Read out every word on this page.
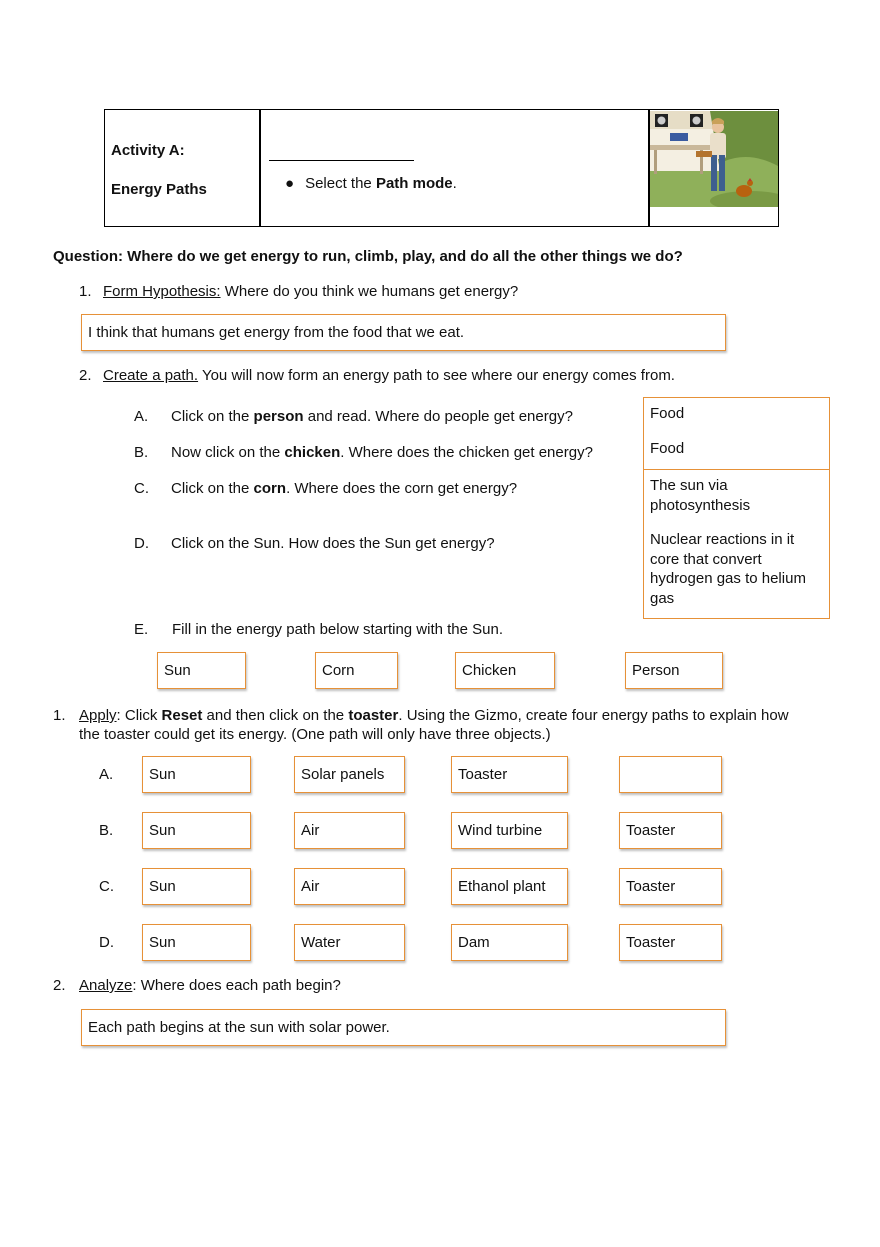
Activity A:
Energy Paths	● Select the Path mode.
Question: Where do we get energy to run, climb, play, and do all the other things we do?
1. Form Hypothesis: Where do you think we humans get energy?
I think that humans get energy from the food that we eat.
2. Create a path. You will now form an energy path to see where our energy comes from.
A. Click on the person and read. Where do people get energy?
B. Now click on the chicken. Where does the chicken get energy?
C. Click on the corn. Where does the corn get energy?
D. Click on the Sun. How does the Sun get energy?
Food
Food
The sun via photosynthesis
Nuclear reactions in it core that convert hydrogen gas to helium gas
E. Fill in the energy path below starting with the Sun.
Sun	Corn	Chicken	Person
1. Apply: Click Reset and then click on the toaster. Using the Gizmo, create four energy paths to explain how
the toaster could get its energy. (One path will only have three objects.)
A.	Sun	Solar panels	Toaster
B.	Sun	Air	Wind turbine	Toaster
C.	Sun	Air	Ethanol plant	Toaster
D.	Sun	Water	Dam	Toaster
2. Analyze: Where does each path begin?
Each path begins at the sun with solar power.
